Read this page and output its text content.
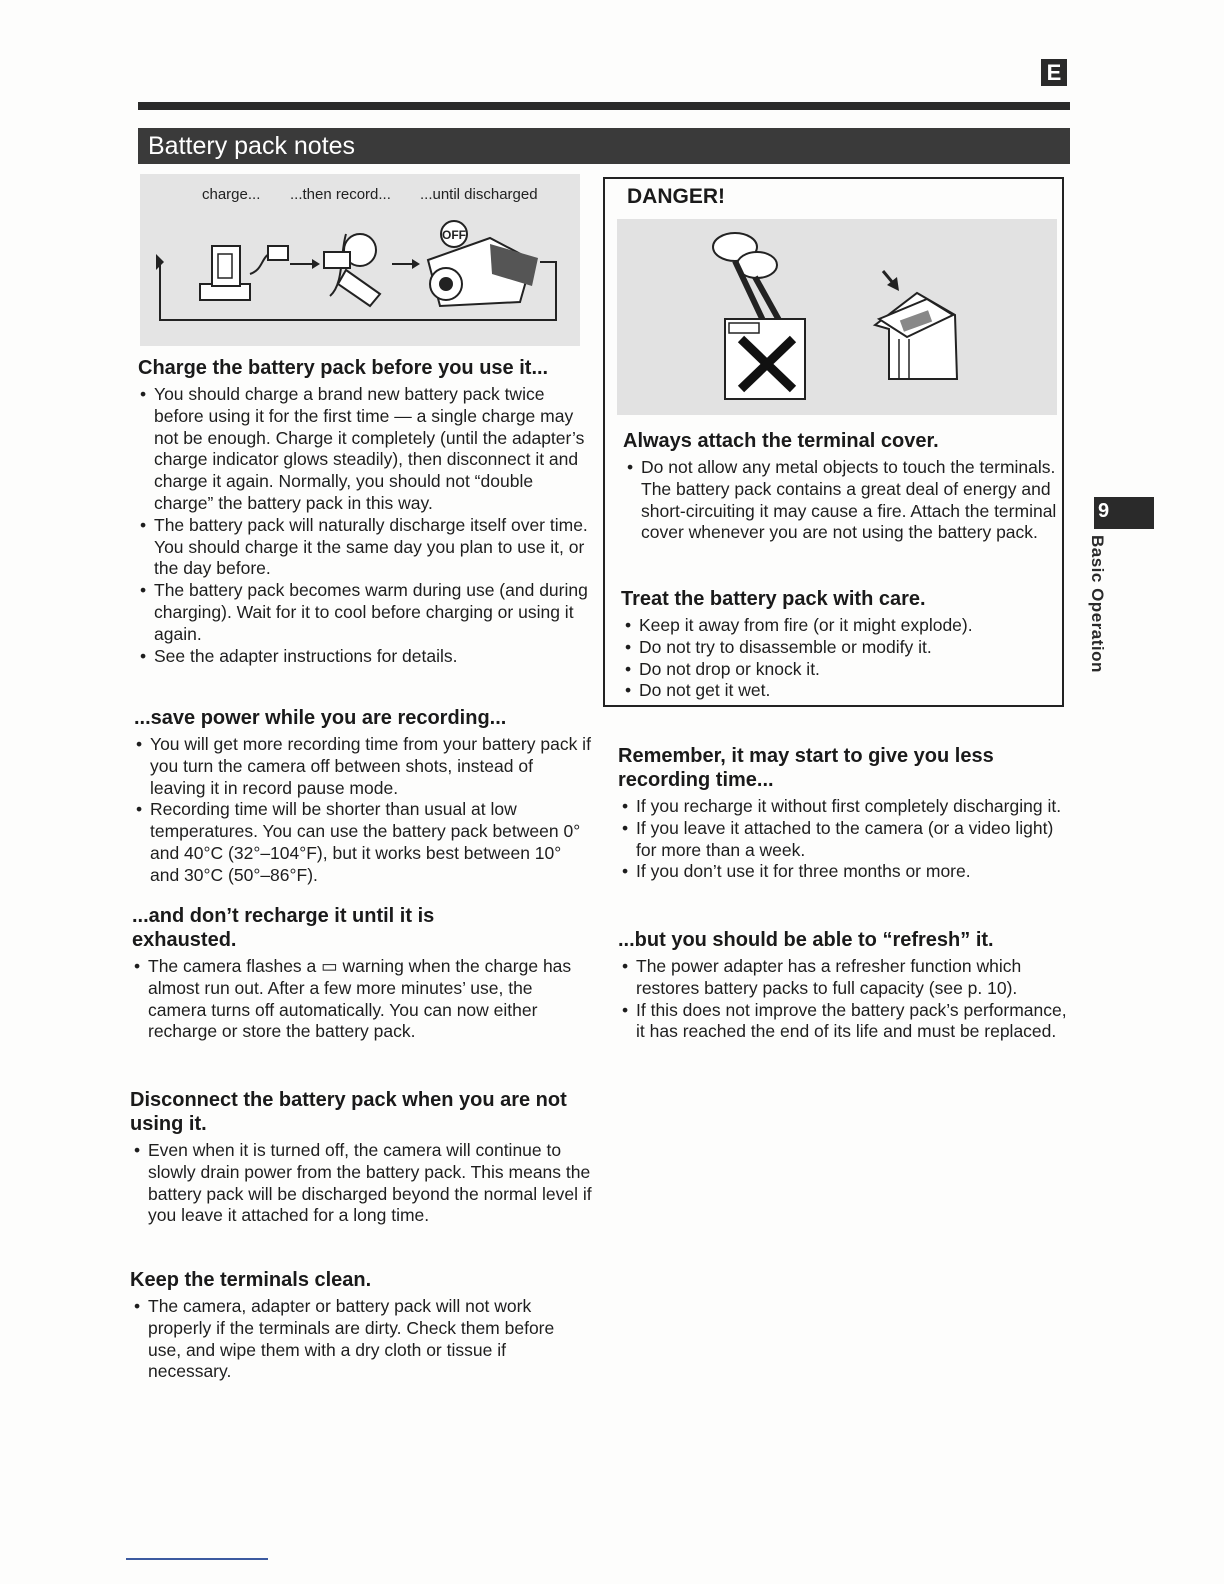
E
Battery pack notes
9
Basic Operation
charge... ...then record... ...until discharged
OFF
Charge the battery pack before you use it...
• You should charge a brand new battery pack twice before using it for the first time — a single charge may not be enough. Charge it completely (until the adapter’s charge indicator glows steadily), then disconnect it and charge it again. Normally, you should not “double charge” the battery pack in this way.
• The battery pack will naturally discharge itself over time. You should charge it the same day you plan to use it, or the day before.
• The battery pack becomes warm during use (and during charging). Wait for it to cool before charging or using it again.
• See the adapter instructions for details.
...save power while you are recording...
• You will get more recording time from your battery pack if you turn the camera off between shots, instead of leaving it in record pause mode.
• Recording time will be shorter than usual at low temperatures. You can use the battery pack between 0° and 40°C (32°–104°F), but it works best between 10° and 30°C (50°–86°F).
...and don’t recharge it until it is exhausted.
• The camera flashes a ▭ warning when the charge has almost run out. After a few more minutes’ use, the camera turns off automatically. You can now either recharge or store the battery pack.
Disconnect the battery pack when you are not using it.
• Even when it is turned off, the camera will continue to slowly drain power from the battery pack. This means the battery pack will be discharged beyond the normal level if you leave it attached for a long time.
Keep the terminals clean.
• The camera, adapter or battery pack will not work properly if the terminals are dirty. Check them before use, and wipe them with a dry cloth or tissue if necessary.
DANGER!
Always attach the terminal cover.
• Do not allow any metal objects to touch the terminals. The battery pack contains a great deal of energy and short-circuiting it may cause a fire. Attach the terminal cover whenever you are not using the battery pack.
Treat the battery pack with care.
• Keep it away from fire (or it might explode).
• Do not try to disassemble or modify it.
• Do not drop or knock it.
• Do not get it wet.
Remember, it may start to give you less recording time...
• If you recharge it without first completely discharging it.
• If you leave it attached to the camera (or a video light) for more than a week.
• If you don’t use it for three months or more.
...but you should be able to “refresh” it.
• The power adapter has a refresher function which restores battery packs to full capacity (see p. 10).
• If this does not improve the battery pack’s performance, it has reached the end of its life and must be replaced.
